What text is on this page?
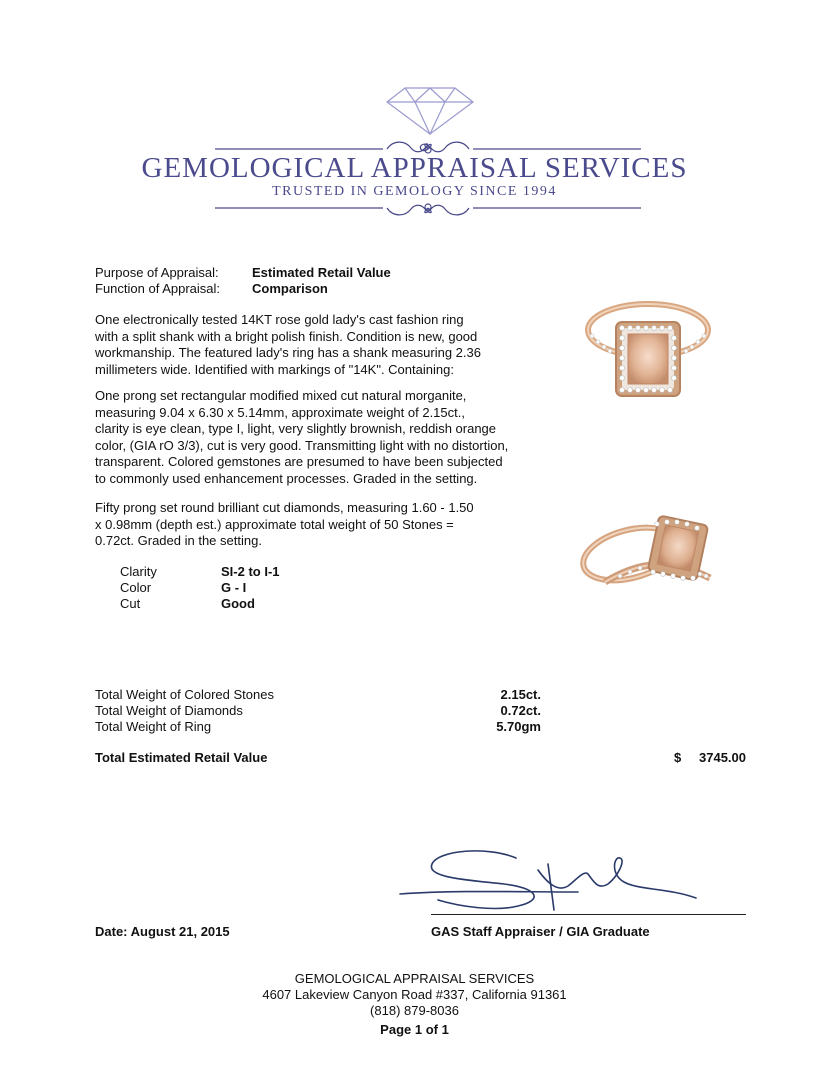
GEMOLOGICAL APPRAISAL SERVICES
TRUSTED IN GEMOLOGY SINCE 1994
Purpose of Appraisal:	Estimated Retail Value
Function of Appraisal: Comparison
One electronically tested 14KT rose gold lady's cast fashion ring
with a split shank with a bright polish finish. Condition is new, good
workmanship. The featured lady's ring has a shank measuring 2.36
millimeters wide. Identified with markings of "14K". Containing:
One prong set rectangular modified mixed cut natural morganite,
measuring 9.04 x 6.30 x 5.14mm, approximate weight of 2.15ct.,
clarity is eye clean, type I, light, very slightly brownish, reddish orange
color, (GIA rO 3/3), cut is very good. Transmitting light with no distortion,
transparent. Colored gemstones are presumed to have been subjected
to commonly used enhancement processes. Graded in the setting.
Fifty prong set round brilliant cut diamonds, measuring 1.60 - 1.50
x 0.98mm (depth est.) approximate total weight of 50 Stones =
0.72ct. Graded in the setting.
Clarity	SI-2 to I-1
Color	G - I
Cut	Good
Total Weight of Colored Stones	2.15ct.
Total Weight of Diamonds	0.72ct.
Total Weight of Ring	5.70gm
Total Estimated Retail Value	$	3745.00
Date: August 21, 2015	GAS Staff Appraiser / GIA Graduate
GEMOLOGICAL APPRAISAL SERVICES
4607 Lakeview Canyon Road #337, California 91361
(818) 879-8036
Page 1 of 1
